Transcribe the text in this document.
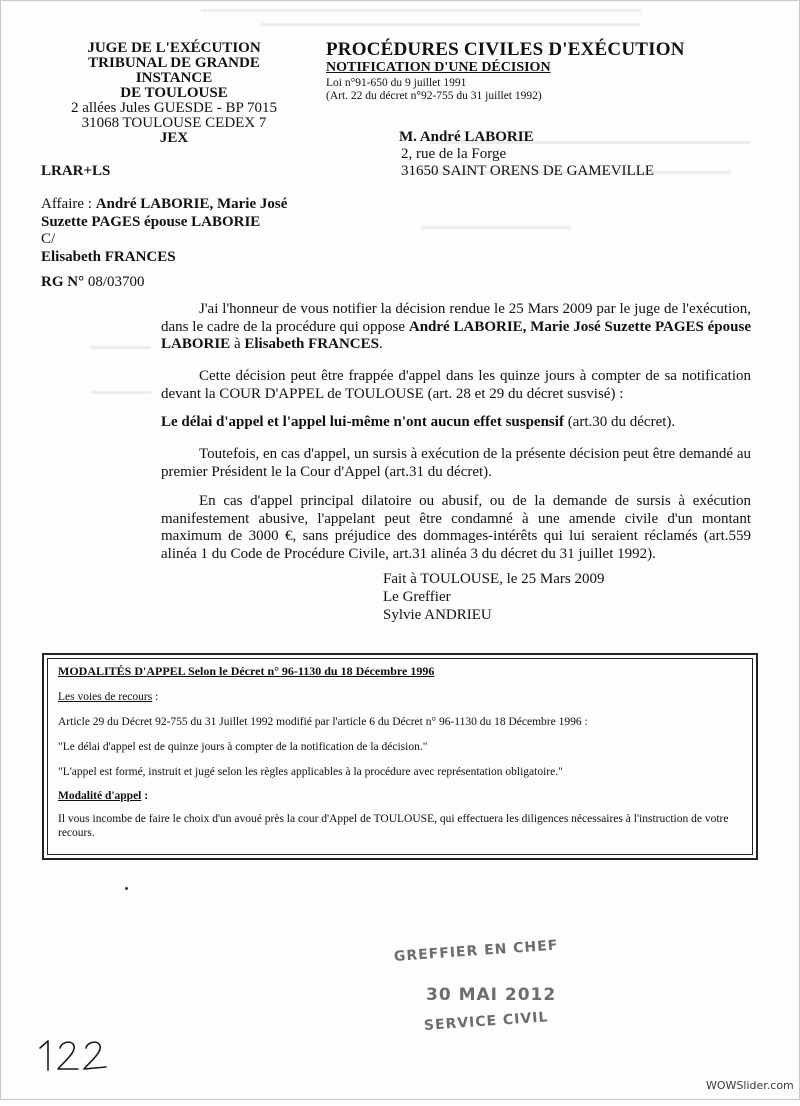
JUGE DE L'EXÉCUTION
TRIBUNAL DE GRANDE
INSTANCE
DE TOULOUSE
2 allées Jules GUESDE - BP 7015
31068 TOULOUSE CEDEX 7
JEX
PROCÉDURES CIVILES D'EXÉCUTION
NOTIFICATION D'UNE DÉCISION
Loi n°91-650 du 9 juillet 1991
(Art. 22 du décret n°92-755 du 31 juillet 1992)
M. André LABORIE
2, rue de la Forge
31650 SAINT ORENS DE GAMEVILLE
LRAR+LS
Affaire : André LABORIE, Marie José
Suzette PAGES épouse LABORIE
C/
Elisabeth FRANCES
RG N° 08/03700
J'ai l'honneur de vous notifier la décision rendue le 25 Mars 2009 par le juge de l'exécution, dans le cadre de la procédure qui oppose André LABORIE, Marie José Suzette PAGES épouse LABORIE à Elisabeth FRANCES.
Cette décision peut être frappée d'appel dans les quinze jours à compter de sa notification devant la COUR D'APPEL de TOULOUSE (art. 28 et 29 du décret susvisé) :
Le délai d'appel et l'appel lui-même n'ont aucun effet suspensif (art.30 du décret).
Toutefois, en cas d'appel, un sursis à exécution de la présente décision peut être demandé au premier Président le la Cour d'Appel (art.31 du décret).
En cas d'appel principal dilatoire ou abusif, ou de la demande de sursis à exécution manifestement abusive, l'appelant peut être condamné à une amende civile d'un montant maximum de 3000 €, sans préjudice des dommages-intérêts qui lui seraient réclamés (art.559 alinéa 1 du Code de Procédure Civile, art.31 alinéa 3 du décret du 31 juillet 1992).
Fait à TOULOUSE, le 25 Mars 2009
Le Greffier
Sylvie ANDRIEU
MODALITÉS D'APPEL Selon le Décret n° 96-1130 du 18 Décembre 1996
Les voies de recours :
Article 29 du Décret 92-755 du 31 Juillet 1992 modifié par l'article 6 du Décret n° 96-1130 du 18 Décembre 1996 :
"Le délai d'appel est de quinze jours à compter de la notification de la décision."
"L'appel est formé, instruit et jugé selon les règles applicables à la procédure avec représentation obligatoire."
Modalité d'appel :
Il vous incombe de faire le choix d'un avoué près la cour d'Appel de TOULOUSE, qui effectuera les diligences nécessaires à l'instruction de votre recours.
GREFFIER EN CHEF
30 MAI 2012
SERVICE CIVIL
WOWSlider.com
